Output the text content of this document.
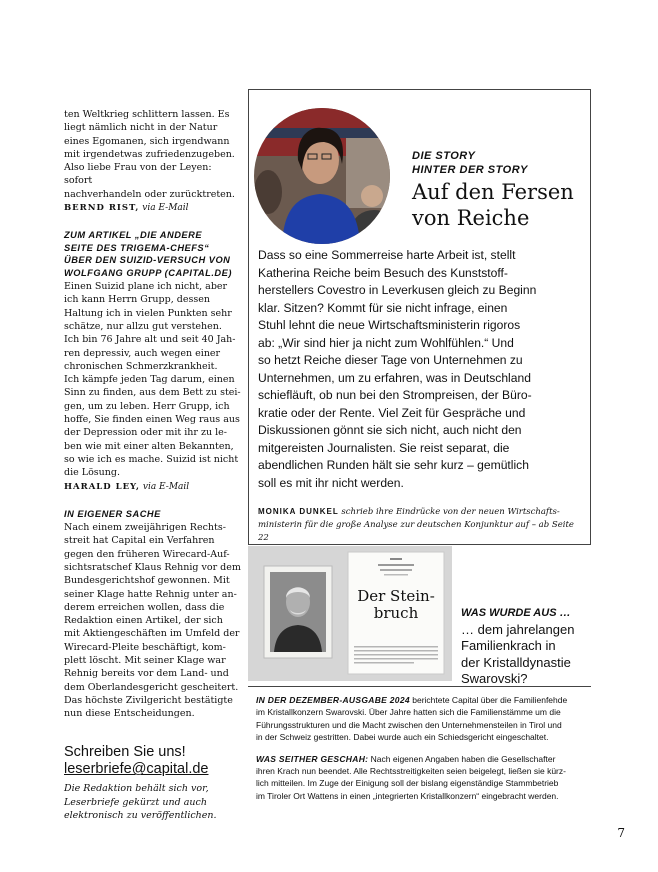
ten Weltkrieg schlittern lassen. Es
liegt nämlich nicht in der Natur
eines Egomanen, sich irgendwann
mit irgendetwas zufriedenzugeben.
Also liebe Frau von der Leyen: sofort
nachverhandeln oder zurücktreten.

BERND RIST, via E-Mail

ZUM ARTIKEL „DIE ANDERE
SEITE DES TRIGEMA-CHEFS“
ÜBER DEN SUIZID-VERSUCH VON
WOLFGANG GRUPP (CAPITAL.DE)

Einen Suizid plane ich nicht, aber
ich kann Herrn Grupp, dessen
Haltung ich in vielen Punkten sehr
schätze, nur allzu gut verstehen.
Ich bin 76 Jahre alt und seit 40 Jah-
ren depressiv, auch wegen einer
chronischen Schmerzkrankheit.
Ich kämpfe jeden Tag darum, einen
Sinn zu finden, aus dem Bett zu stei-
gen, um zu leben. Herr Grupp, ich
hoffe, Sie finden einen Weg raus aus
der Depression oder mit ihr zu le-
ben wie mit einer alten Bekannten,
so wie ich es mache. Suizid ist nicht
die Lösung.

HARALD LEY, via E-Mail

IN EIGENER SACHE

Nach einem zweijährigen Rechts-
streit hat Capital ein Verfahren
gegen den früheren Wirecard-Auf-
sichtsratschef Klaus Rehnig vor dem
Bundesgerichtshof gewonnen. Mit
seiner Klage hatte Rehnig unter an-
derem erreichen wollen, dass die
Redaktion einen Artikel, der sich
mit Aktiengeschäften im Umfeld der
Wirecard-Pleite beschäftigt, kom-
plett löscht. Mit seiner Klage war
Rehnig bereits vor dem Land- und
dem Oberlandesgericht gescheitert.
Das höchste Zivilgericht bestätigte
nun diese Entscheidungen.

Schreiben Sie uns!

leserbriefe@capital.de

Die Redaktion behält sich vor,
Leserbriefe gekürzt und auch
elektronisch zu veröffentlichen.

DIE STORY

HINTER DER STORY

Auf den Fersen
von Reiche

Dass so eine Sommerreise harte Arbeit ist, stellt
Katherina Reiche beim Besuch des Kunststoff-
herstellers Covestro in Leverkusen gleich zu Beginn
klar. Sitzen? Kommt für sie nicht infrage, einen
Stuhl lehnt die neue Wirtschaftsministerin rigoros
ab: „Wir sind hier ja nicht zum Wohlfühlen.“ Und
so hetzt Reiche dieser Tage von Unternehmen zu
Unternehmen, um zu erfahren, was in Deutschland
schiefläuft, ob nun bei den Strompreisen, der Büro-
kratie oder der Rente. Viel Zeit für Gespräche und
Diskussionen gönnt sie sich nicht, auch nicht den
mitgereisten Journalisten. Sie reist separat, die
abendlichen Runden hält sie sehr kurz – gemütlich
soll es mit ihr nicht werden.

MONIKA DUNKEL schrieb ihre Eindrücke von der neuen Wirtschafts-
ministerin für die große Analyse zur deutschen Konjunktur auf – ab Seite 22

Der Stein-
bruch	WAS WURDE AUS …

… dem jahrelangen
Familienkrach in
der Kristalldynastie
Swarovski?

IN DER DEZEMBER-AUSGABE 2024 berichtete Capital über die Familienfehde
im Kristallkonzern Swarovski. Über Jahre hatten sich die Familienstämme um die
Führungsstrukturen und die Macht zwischen den Unternehmensteilen in Tirol und
in der Schweiz gestritten. Dabei wurde auch ein Schiedsgericht eingeschaltet.

WAS SEITHER GESCHAH: Nach eigenen Angaben haben die Gesellschafter
ihren Krach nun beendet. Alle Rechtsstreitigkeiten seien beigelegt, ließen sie kürz-
lich mitteilen. Im Zuge der Einigung soll der bislang eigenständige Stammbetrieb
im Tiroler Ort Wattens in einen „integrierten Kristallkonzern“ eingebracht werden.

7
